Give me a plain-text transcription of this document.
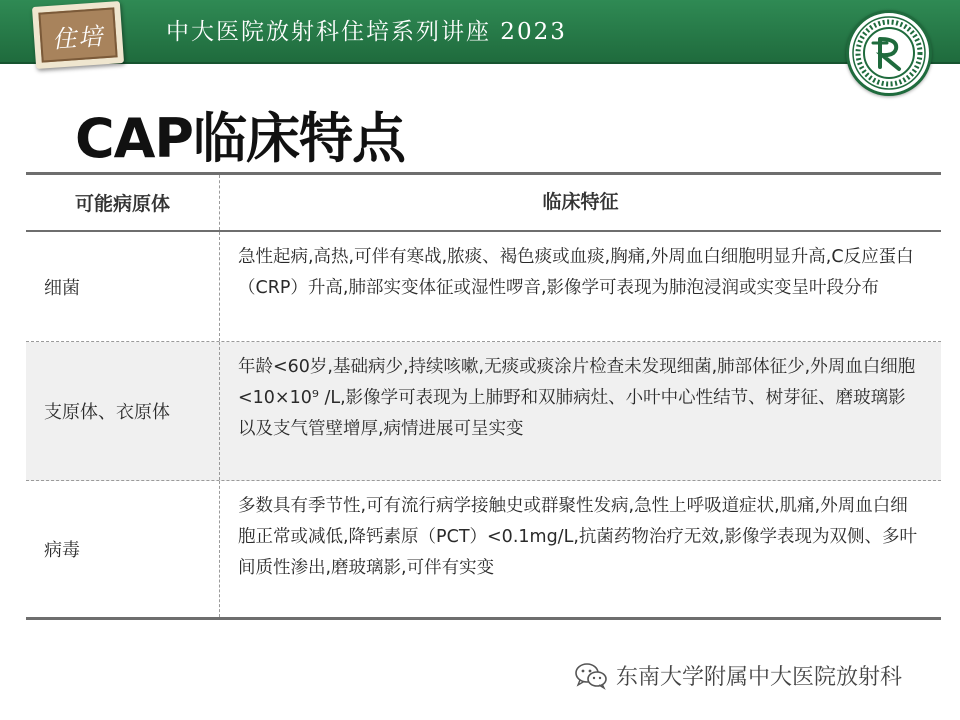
住培	中大医院放射科住培系列讲座 2023
CAP临床特点
可能病原体	临床特征
细菌
急性起病,高热,可伴有寒战,脓痰、褐色痰或血痰,胸痛,外周血白细胞明显升高,C反应蛋白（CRP）升高,肺部实变体征或湿性啰音,影像学可表现为肺泡浸润或实变呈叶段分布
支原体、衣原体
年龄<60岁,基础病少,持续咳嗽,无痰或痰涂片检查未发现细菌,肺部体征少,外周血白细胞<10×10⁹ /L,影像学可表现为上肺野和双肺病灶、小叶中心性结节、树芽征、磨玻璃影以及支气管壁增厚,病情进展可呈实变
病毒
多数具有季节性,可有流行病学接触史或群聚性发病,急性上呼吸道症状,肌痛,外周血白细胞正常或减低,降钙素原（PCT）<0.1mg/L,抗菌药物治疗无效,影像学表现为双侧、多叶间质性渗出,磨玻璃影,可伴有实变
东南大学附属中大医院放射科
